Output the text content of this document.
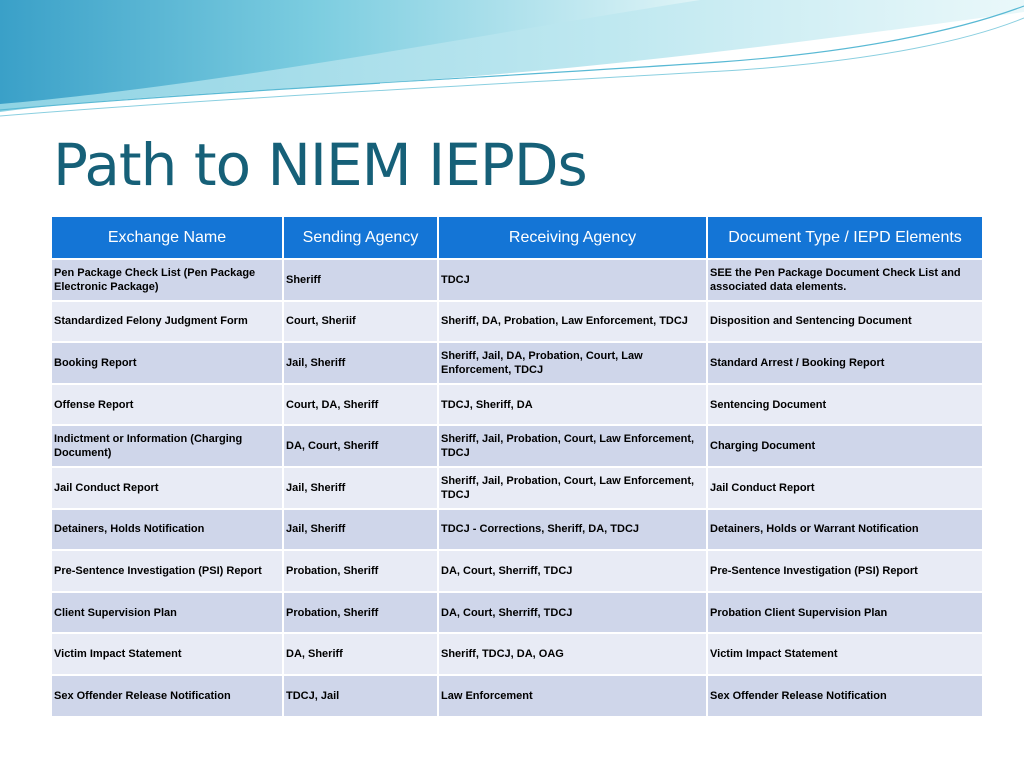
Path to NIEM IEPDs
Exchange Name	Sending Agency	Receiving Agency	Document Type / IEPD Elements
Pen Package Check List (Pen Package Electronic Package)	Sheriff	TDCJ	SEE the Pen Package Document Check List and associated data elements.
Standardized Felony Judgment Form	Court, Sheriif	Sheriff, DA, Probation, Law Enforcement, TDCJ	Disposition and Sentencing Document
Booking Report	Jail, Sheriff	Sheriff, Jail, DA, Probation, Court, Law Enforcement, TDCJ	Standard Arrest / Booking Report
Offense Report	Court, DA, Sheriff	TDCJ, Sheriff, DA	Sentencing Document
Indictment or Information (Charging Document)	DA, Court, Sheriff	Sheriff, Jail, Probation, Court, Law Enforcement, TDCJ	Charging Document
Jail Conduct Report	Jail, Sheriff	Sheriff, Jail, Probation, Court, Law Enforcement, TDCJ	Jail Conduct Report
Detainers, Holds Notification	Jail, Sheriff	TDCJ - Corrections, Sheriff, DA, TDCJ	Detainers, Holds or Warrant Notification
Pre-Sentence Investigation (PSI) Report	Probation, Sheriff	DA, Court, Sherriff, TDCJ	Pre-Sentence Investigation (PSI) Report
Client Supervision Plan	Probation, Sheriff	DA, Court, Sherriff, TDCJ	Probation Client Supervision Plan
Victim Impact Statement	DA, Sheriff	Sheriff, TDCJ, DA, OAG	Victim Impact Statement
Sex Offender Release Notification	TDCJ, Jail	Law Enforcement	Sex Offender Release Notification
